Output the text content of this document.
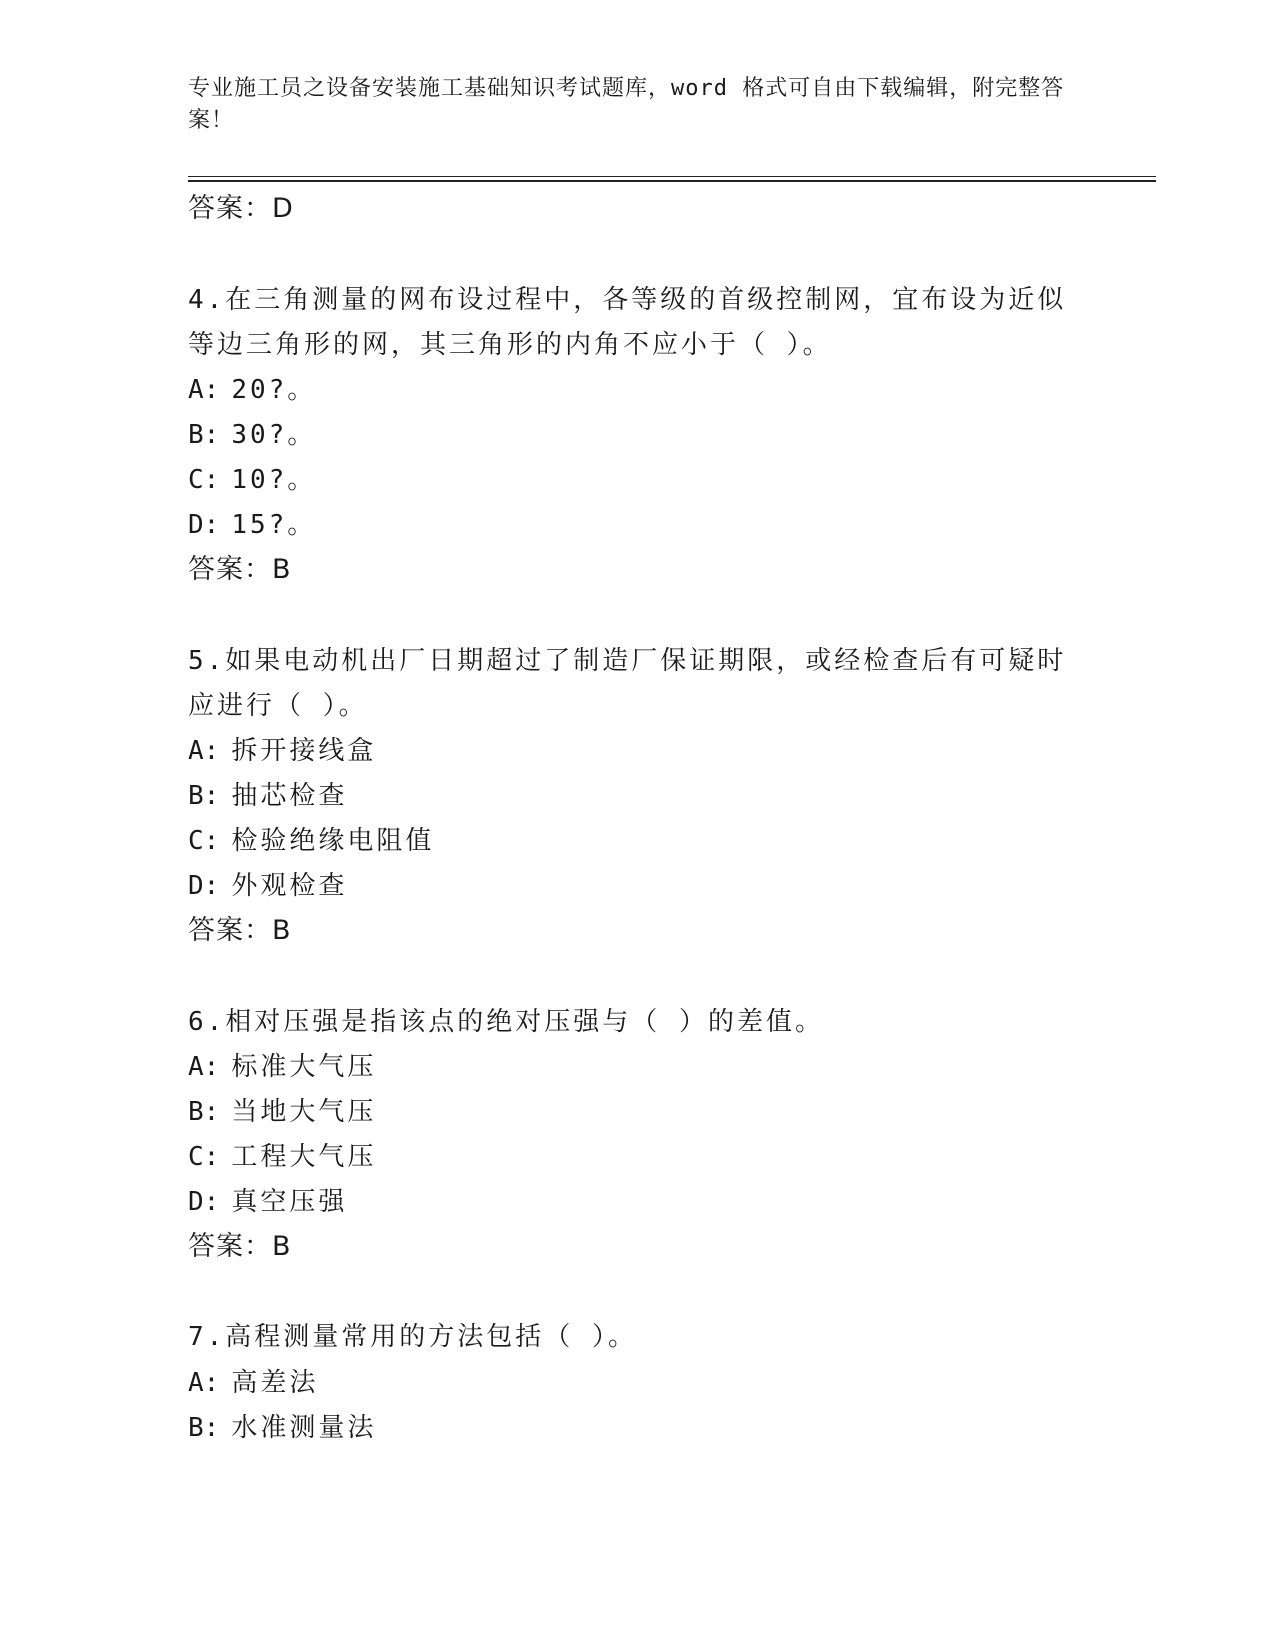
专业施工员之设备安装施工基础知识考试题库，word 格式可自由下载编辑，附完整答案！
答案：D
4.在三角测量的网布设过程中，各等级的首级控制网，宜布设为近似
等边三角形的网，其三角形的内角不应小于（ ）。
A: 20?。
B: 30?。
C: 10?。
D: 15?。
答案：B
5.如果电动机出厂日期超过了制造厂保证期限，或经检查后有可疑时
应进行（ ）。
A: 拆开接线盒
B: 抽芯检查
C: 检验绝缘电阻值
D: 外观检查
答案：B
6.相对压强是指该点的绝对压强与（ ）的差值。
A: 标准大气压
B: 当地大气压
C: 工程大气压
D: 真空压强
答案：B
7.高程测量常用的方法包括（ ）。
A: 高差法
B: 水准测量法
